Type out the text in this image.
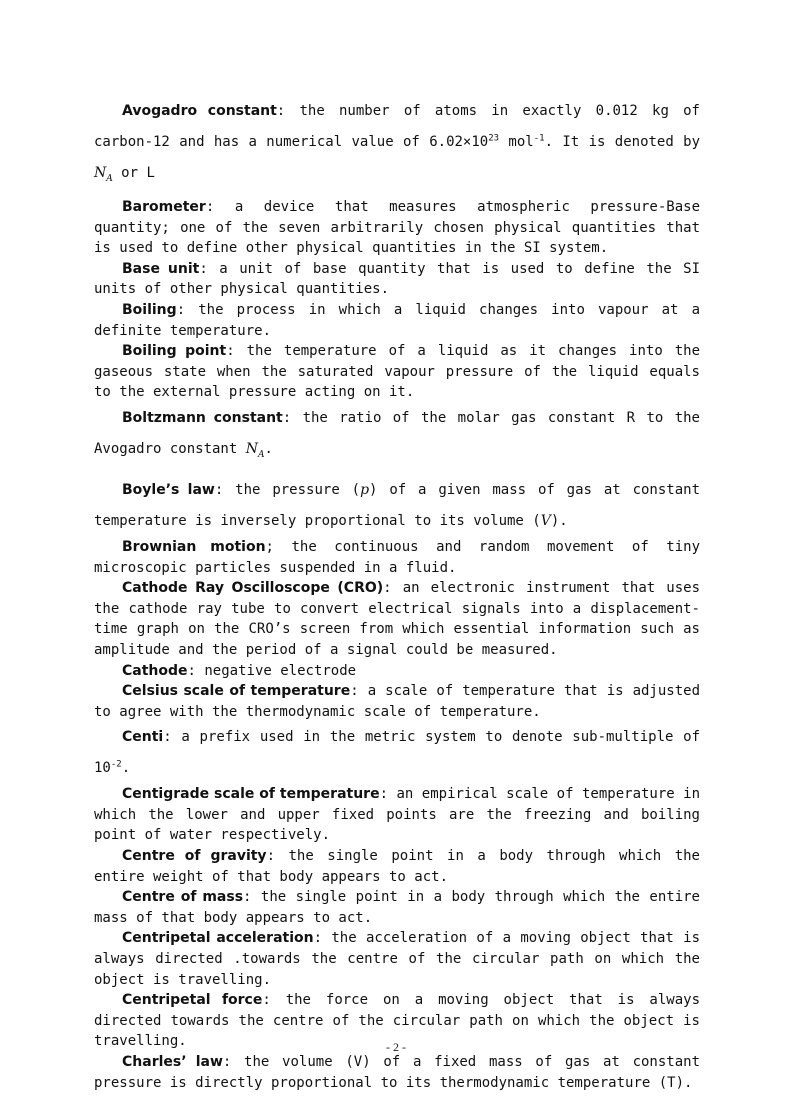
Avogadro constant: the number of atoms in exactly 0.012 kg of carbon-12 and has a numerical value of $6.02\times 10^{23}$ mol$^{-1}$. It is denoted by $N_A$ or L

Barometer: a device that measures atmospheric pressure-Base quantity; one of the seven arbitrarily chosen physical quantities that is used to define other physical quantities in the SI system.

Base unit: a unit of base quantity that is used to define the SI units of other physical quantities.

Boiling: the process in which a liquid changes into vapour at a definite temperature.

Boiling point: the temperature of a liquid as it changes into the gaseous state when the saturated vapour pressure of the liquid equals to the external pressure acting on it.

Boltzmann constant: the ratio of the molar gas constant R to the Avogadro constant $N_A$.

Boyle’s law: the pressure (p) of a given mass of gas at constant temperature is inversely proportional to its volume (V).

Brownian motion; the continuous and random movement of tiny microscopic particles suspended in a fluid.

Cathode Ray Oscilloscope (CRO): an electronic instrument that uses the cathode ray tube to convert electrical signals into a displacement-time graph on the CRO’s screen from which essential information such as amplitude and the period of a signal could be measured.

Cathode: negative electrode

Celsius scale of temperature: a scale of temperature that is adjusted to agree with the thermodynamic scale of temperature.

Centi: a prefix used in the metric system to denote sub-multiple of $10^{-2}$.

Centigrade scale of temperature: an empirical scale of temperature in which the lower and upper fixed points are the freezing and boiling point of water respectively.

Centre of gravity: the single point in a body through which the entire weight of that body appears to act.

Centre of mass: the single point in a body through which the entire mass of that body appears to act.

Centripetal acceleration: the acceleration of a moving object that is always directed .towards the centre of the circular path on which the object is travelling.

Centripetal force: the force on a moving object that is always directed towards the centre of the circular path on which the object is travelling.

Charles’ law: the volume (V) of a fixed mass of gas at constant pressure is directly proportional to its thermodynamic temperature (T).

- 2 -
